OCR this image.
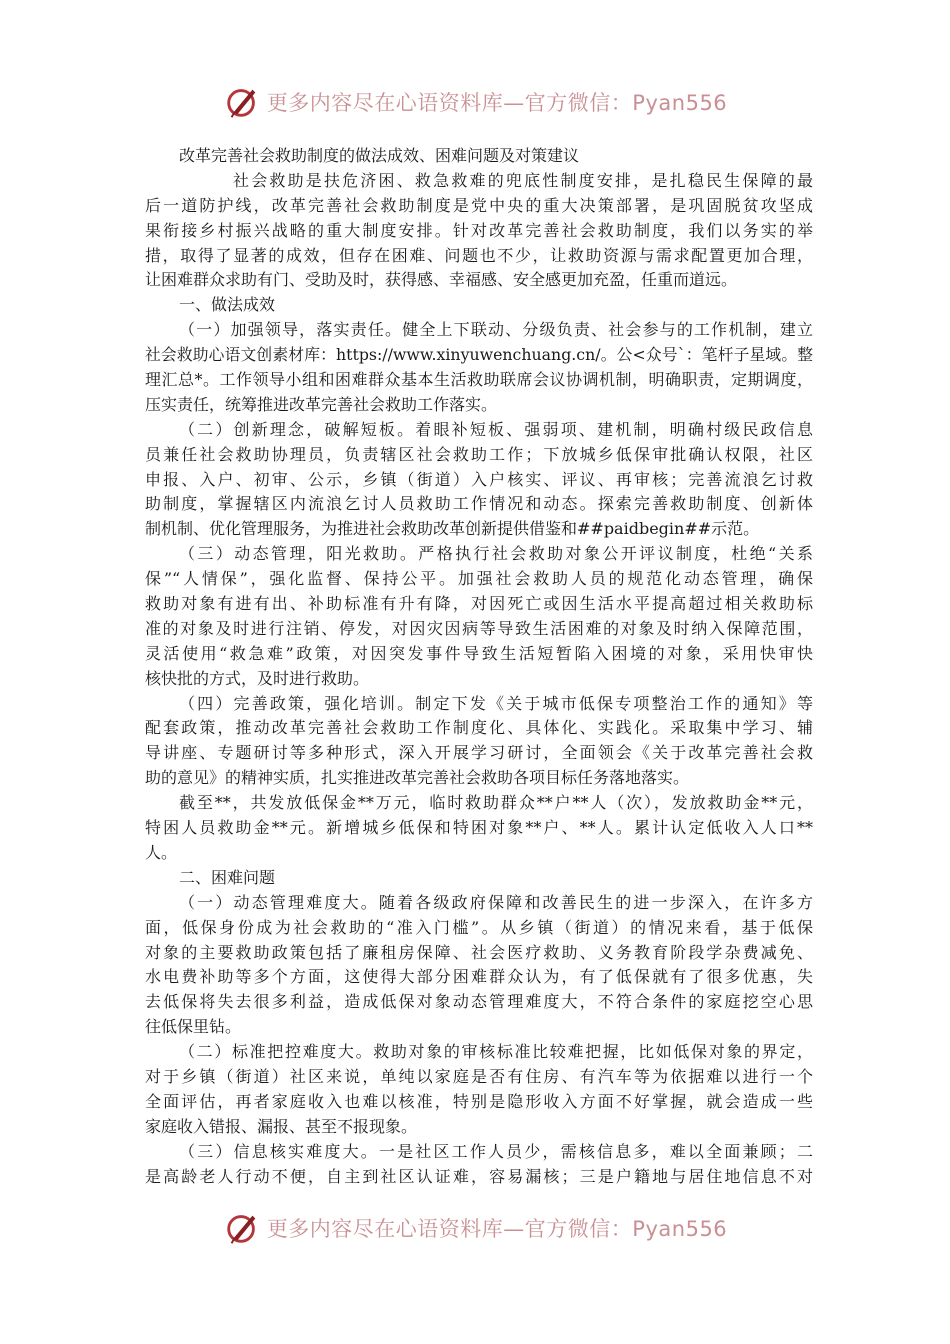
更多内容尽在心语资料库—官方微信：Pyan556
改革完善社会救助制度的做法成效、困难问题及对策建议
社会救助是扶危济困、救急救难的兜底性制度安排，是扎稳民生保障的最
后一道防护线，改革完善社会救助制度是党中央的重大决策部署，是巩固脱贫攻坚成
果衔接乡村振兴战略的重大制度安排。针对改革完善社会救助制度，我们以务实的举
措，取得了显著的成效，但存在困难、问题也不少，让救助资源与需求配置更加合理，
让困难群众求助有门、受助及时，获得感、幸福感、安全感更加充盈，任重而道远。
一、做法成效
（一）加强领导，落实责任。健全上下联动、分级负责、社会参与的工作机制，建立
社会救助心语文创素材库：https://www.xinyuwenchuang.cn/。公<众号`：笔杆子星域。整
理汇总*。工作领导小组和困难群众基本生活救助联席会议协调机制，明确职责，定期调度，
压实责任，统筹推进改革完善社会救助工作落实。
（二）创新理念，破解短板。着眼补短板、强弱项、建机制，明确村级民政信息
员兼任社会救助协理员，负责辖区社会救助工作；下放城乡低保审批确认权限，社区
申报、入户、初审、公示，乡镇（街道）入户核实、评议、再审核；完善流浪乞讨救
助制度，掌握辖区内流浪乞讨人员救助工作情况和动态。探索完善救助制度、创新体
制机制、优化管理服务，为推进社会救助改革创新提供借鉴和##paidbegin##示范。
（三）动态管理，阳光救助。严格执行社会救助对象公开评议制度，杜绝“关系
保”“人情保”，强化监督、保持公平。加强社会救助人员的规范化动态管理，确保
救助对象有进有出、补助标准有升有降，对因死亡或因生活水平提高超过相关救助标
准的对象及时进行注销、停发，对因灾因病等导致生活困难的对象及时纳入保障范围，
灵活使用“救急难”政策，对因突发事件导致生活短暂陷入困境的对象，采用快审快
核快批的方式，及时进行救助。
（四）完善政策，强化培训。制定下发《关于城市低保专项整治工作的通知》等
配套政策，推动改革完善社会救助工作制度化、具体化、实践化。采取集中学习、辅
导讲座、专题研讨等多种形式，深入开展学习研讨，全面领会《关于改革完善社会救
助的意见》的精神实质，扎实推进改革完善社会救助各项目标任务落地落实。
截至**，共发放低保金**万元，临时救助群众**户**人（次），发放救助金**元，
特困人员救助金**元。新增城乡低保和特困对象**户、**人。累计认定低收入人口**
人。
二、困难问题
（一）动态管理难度大。随着各级政府保障和改善民生的进一步深入，在许多方
面，低保身份成为社会救助的“准入门槛”。从乡镇（街道）的情况来看，基于低保
对象的主要救助政策包括了廉租房保障、社会医疗救助、义务教育阶段学杂费减免、
水电费补助等多个方面，这使得大部分困难群众认为，有了低保就有了很多优惠，失
去低保将失去很多利益，造成低保对象动态管理难度大，不符合条件的家庭挖空心思
往低保里钻。
（二）标准把控难度大。救助对象的审核标准比较难把握，比如低保对象的界定，
对于乡镇（街道）社区来说，单纯以家庭是否有住房、有汽车等为依据难以进行一个
全面评估，再者家庭收入也难以核准，特别是隐形收入方面不好掌握，就会造成一些
家庭收入错报、漏报、甚至不报现象。
（三）信息核实难度大。一是社区工作人员少，需核信息多，难以全面兼顾；二
是高龄老人行动不便，自主到社区认证难，容易漏核；三是户籍地与居住地信息不对
更多内容尽在心语资料库—官方微信：Pyan556
